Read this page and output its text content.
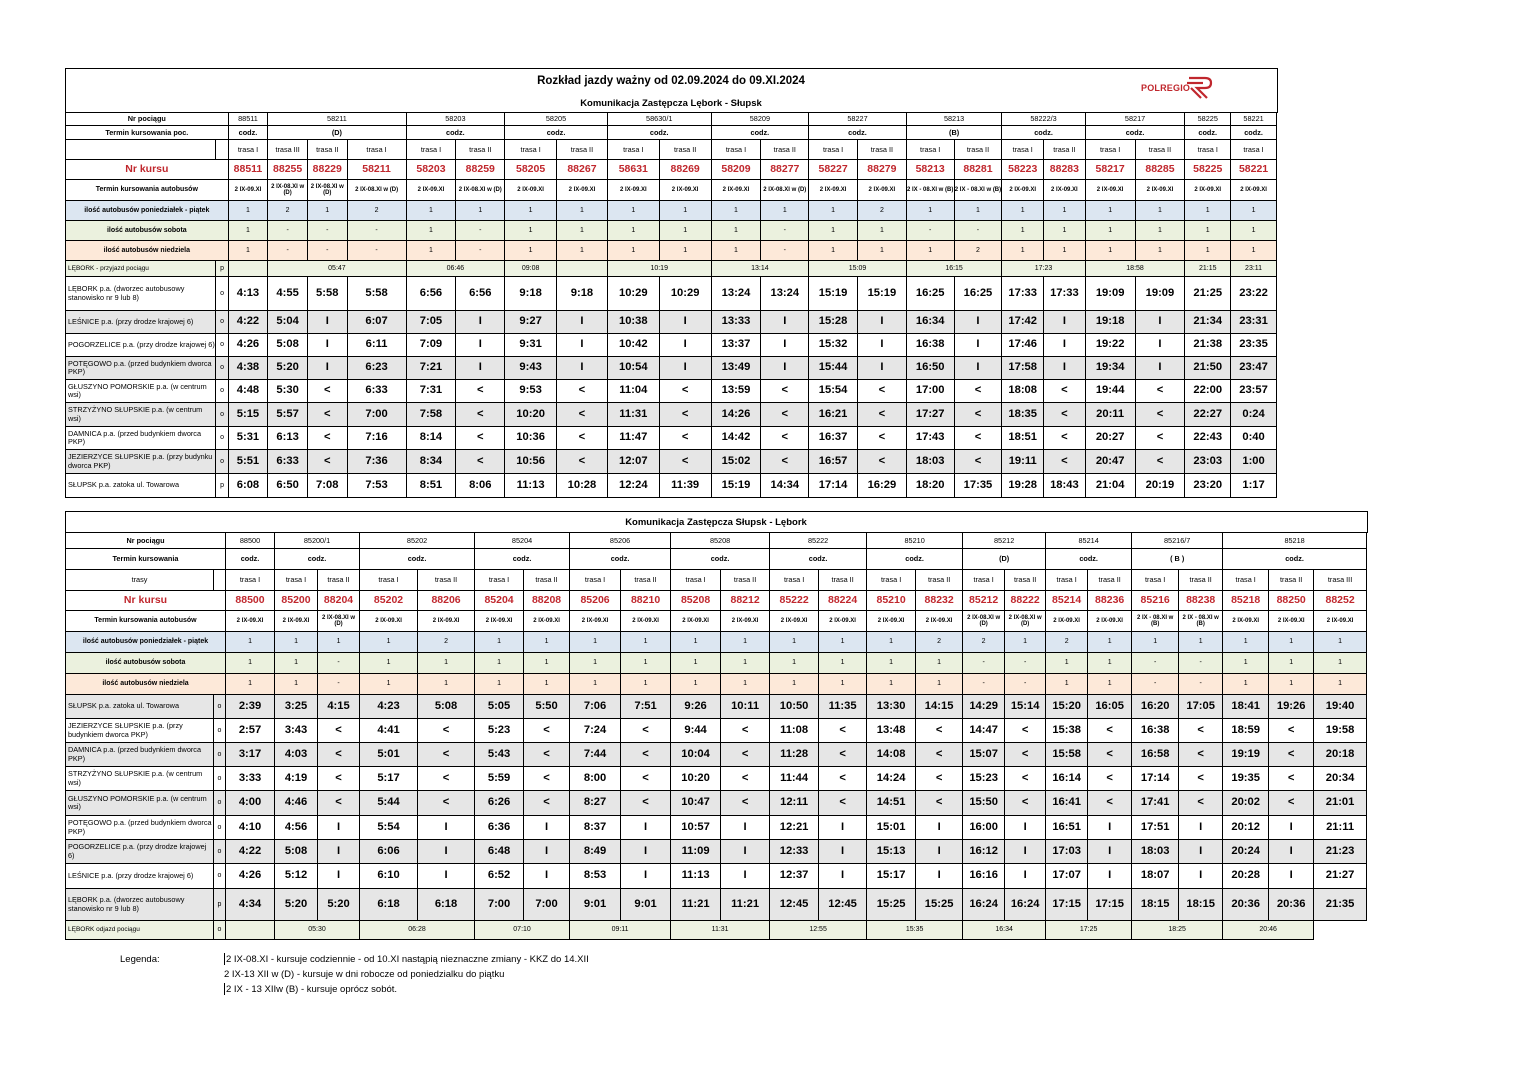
Rozkład jazdy ważny od 02.09.2024 do 09.XI.2024
Komunikacja Zastępcza Lębork - Słupsk
POLREGIO
Nr pociągu		88511	58211			58203		58205		58630/1		58209		58227		58213		58222/3		58217		58225	58221
Termin kursowania poc.		codz.	(D)			codz.		codz.		codz.		codz.		codz.		(B)		codz.		codz.		codz.	codz.
		trasa I	trasa III	trasa II	trasa I	trasa I	trasa II	trasa I	trasa II	trasa I	trasa II	trasa I	trasa II	trasa I	trasa II	trasa I	trasa II	trasa I	trasa II	trasa I	trasa II	trasa I	trasa I
Nr kursu		88511	88255	88229	58211	58203	88259	58205	88267	58631	88269	58209	88277	58227	88279	58213	88281	58223	88283	58217	88285	58225	58221
Termin kursowania autobusów		2 IX-09.XI	2 IX-08.XI w (D)	2 IX-08.XI w (D)	2 IX-08.XI w (D)	2 IX-09.XI	2 IX-08.XI w (D)	2 IX-09.XI	2 IX-09.XI	2 IX-09.XI	2 IX-09.XI	2 IX-09.XI	2 IX-08.XI w (D)	2 IX-09.XI	2 IX-09.XI	2 IX - 08.XI w (B)	2 IX - 08.XI w (B)	2 IX-09.XI	2 IX-09.XI	2 IX-09.XI	2 IX-09.XI	2 IX-09.XI	2 IX-09.XI
ilość autobusów poniedziałek - piątek		1	2	1	2	1	1	1	1	1	1	1	1	1	2	1	1	1	1	1	1	1	1
ilość autobusów sobota		1	-	-	-	1	-	1	1	1	1	1	-	1	1	-	-	1	1	1	1	1	1
ilość autobusów niedziela		1	-	-	-	1	-	1	1	1	1	1	-	1	1	1	2	1	1	1	1	1	1
LĘBORK - przyjazd pociągu	p		05:47			06:46		09:08		10:19		13:14		15:09		16:15		17:23		18:58		21:15	23:11
LĘBORK p.a. (dworzec autobusowy stanowisko nr 9 lub 8)	o	4:13	4:55	5:58	5:58	6:56	6:56	9:18	9:18	10:29	10:29	13:24	13:24	15:19	15:19	16:25	16:25	17:33	17:33	19:09	19:09	21:25	23:22
LEŚNICE p.a. (przy drodze krajowej 6)	o	4:22	5:04	I	6:07	7:05	I	9:27	I	10:38	I	13:33	I	15:28	I	16:34	I	17:42	I	19:18	I	21:34	23:31
POGORZELICE p.a. (przy drodze krajowej 6)	o	4:26	5:08	I	6:11	7:09	I	9:31	I	10:42	I	13:37	I	15:32	I	16:38	I	17:46	I	19:22	I	21:38	23:35
POTĘGOWO p.a. (przed budynkiem dworca PKP)	o	4:38	5:20	I	6:23	7:21	I	9:43	I	10:54	I	13:49	I	15:44	I	16:50	I	17:58	I	19:34	I	21:50	23:47
GŁUSZYNO POMORSKIE p.a. (w centrum wsi)	o	4:48	5:30	<	6:33	7:31	<	9:53	<	11:04	<	13:59	<	15:54	<	17:00	<	18:08	<	19:44	<	22:00	23:57
STRZYŻYNO SŁUPSKIE p.a. (w centrum wsi)	o	5:15	5:57	<	7:00	7:58	<	10:20	<	11:31	<	14:26	<	16:21	<	17:27	<	18:35	<	20:11	<	22:27	0:24
DAMNICA p.a. (przed budynkiem dworca PKP)	o	5:31	6:13	<	7:16	8:14	<	10:36	<	11:47	<	14:42	<	16:37	<	17:43	<	18:51	<	20:27	<	22:43	0:40
JEZIERZYCE SŁUPSKIE p.a. (przy budynku dworca PKP)	o	5:51	6:33	<	7:36	8:34	<	10:56	<	12:07	<	15:02	<	16:57	<	18:03	<	19:11	<	20:47	<	23:03	1:00
SŁUPSK p.a. zatoka ul. Towarowa	p	6:08	6:50	7:08	7:53	8:51	8:06	11:13	10:28	12:24	11:39	15:19	14:34	17:14	16:29	18:20	17:35	19:28	18:43	21:04	20:19	23:20	1:17
Komunikacja Zastępcza Słupsk - Lębork
Nr pociągu		88500	85200/1		85202		85204		85206		85208		85222		85210		85212		85214		85216/7		85218		
Termin kursowania		codz.	codz.		codz.		codz.		codz.		codz.		codz.		codz.		(D)		codz.		( B )		codz.		
trasy		trasa I	trasa I	trasa II	trasa I	trasa II	trasa I	trasa II	trasa I	trasa II	trasa I	trasa II	trasa I	trasa II	trasa I	trasa II	trasa I	trasa II	trasa I	trasa II	trasa I	trasa II	trasa I	trasa II	trasa III
Nr kursu		88500	85200	88204	85202	88206	85204	88208	85206	88210	85208	88212	85222	88224	85210	88232	85212	88222	85214	88236	85216	88238	85218	88250	88252
Termin kursowania autobusów		2 IX-09.XI	2 IX-09.XI	2 IX-08.XI w (D)	2 IX-09.XI	2 IX-09.XI	2 IX-09.XI	2 IX-09.XI	2 IX-09.XI	2 IX-09.XI	2 IX-09.XI	2 IX-09.XI	2 IX-09.XI	2 IX-09.XI	2 IX-09.XI	2 IX-09.XI	2 IX-08.XI w (D)	2 IX-08.XI w (D)	2 IX-09.XI	2 IX-09.XI	2 IX - 08.XI w (B)	2 IX - 08.XI w (B)	2 IX-09.XI	2 IX-09.XI	2 IX-09.XI
ilość autobusów poniedziałek - piątek		1	1	1	1	2	1	1	1	1	1	1	1	1	1	2	2	1	2	1	1	1	1	1	1
ilość autobusów sobota		1	1	-	1	1	1	1	1	1	1	1	1	1	1	1	-	-	1	1	-	-	1	1	1
ilość autobusów niedziela		1	1	-	1	1	1	1	1	1	1	1	1	1	1	1	-	-	1	1	-	-	1	1	1
SŁUPSK p.a. zatoka ul. Towarowa	o	2:39	3:25	4:15	4:23	5:08	5:05	5:50	7:06	7:51	9:26	10:11	10:50	11:35	13:30	14:15	14:29	15:14	15:20	16:05	16:20	17:05	18:41	19:26	19:40
JEZIERZYCE SŁUPSKIE p.a. (przy budynkiem dworca PKP)	o	2:57	3:43	<	4:41	<	5:23	<	7:24	<	9:44	<	11:08	<	13:48	<	14:47	<	15:38	<	16:38	<	18:59	<	19:58
DAMNICA p.a. (przed budynkiem dworca PKP)	o	3:17	4:03	<	5:01	<	5:43	<	7:44	<	10:04	<	11:28	<	14:08	<	15:07	<	15:58	<	16:58	<	19:19	<	20:18
STRZYŻYNO SŁUPSKIE p.a. (w centrum wsi)	o	3:33	4:19	<	5:17	<	5:59	<	8:00	<	10:20	<	11:44	<	14:24	<	15:23	<	16:14	<	17:14	<	19:35	<	20:34
GŁUSZYNO POMORSKIE p.a. (w centrum wsi)	o	4:00	4:46	<	5:44	<	6:26	<	8:27	<	10:47	<	12:11	<	14:51	<	15:50	<	16:41	<	17:41	<	20:02	<	21:01
POTĘGOWO p.a. (przed budynkiem dworca PKP)	o	4:10	4:56	I	5:54	I	6:36	I	8:37	I	10:57	I	12:21	I	15:01	I	16:00	I	16:51	I	17:51	I	20:12	I	21:11
POGORZELICE p.a. (przy drodze krajowej 6)	o	4:22	5:08	I	6:06	I	6:48	I	8:49	I	11:09	I	12:33	I	15:13	I	16:12	I	17:03	I	18:03	I	20:24	I	21:23
LEŚNICE p.a. (przy drodze krajowej 6)	o	4:26	5:12	I	6:10	I	6:52	I	8:53	I	11:13	I	12:37	I	15:17	I	16:16	I	17:07	I	18:07	I	20:28	I	21:27
LĘBORK p.a. (dworzec autobusowy stanowisko nr 9 lub 8)	p	4:34	5:20	5:20	6:18	6:18	7:00	7:00	9:01	9:01	11:21	11:21	12:45	12:45	15:25	15:25	16:24	16:24	17:15	17:15	18:15	18:15	20:36	20:36	21:35
LĘBORK odjazd pociągu	o		05:30		06:28		07:10		09:11		11:31		12:55		15:35		16:34		17:25		18:25		20:46		
Legenda:	2 IX-08.XI - kursuje codziennie - od 10.XI nastąpią nieznaczne zmiany - KKZ do 14.XII
2 IX-13 XII w (D) - kursuje w dni robocze od poniedzialku do piątku
2 IX - 13 XIIw (B) - kursuje oprócz sobót.
